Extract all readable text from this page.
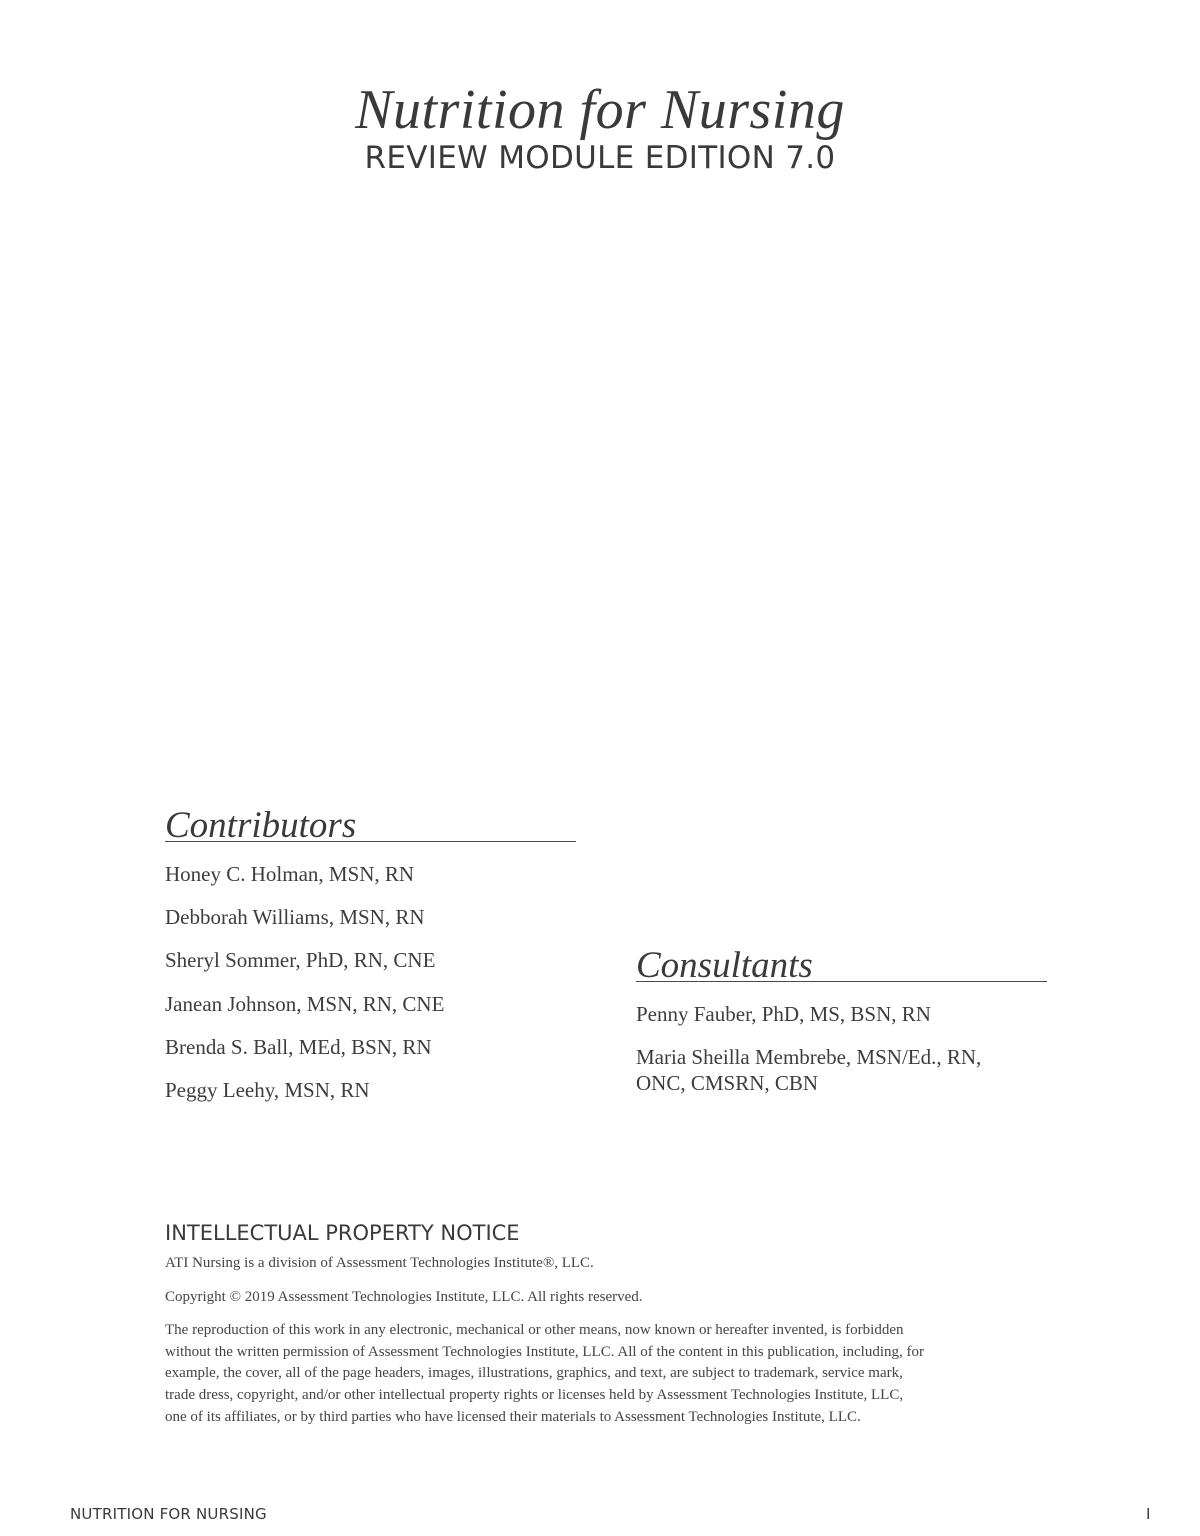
Nutrition for Nursing
REVIEW MODULE EDITION 7.0
Contributors
Honey C. Holman, MSN, RN
Debborah Williams, MSN, RN
Sheryl Sommer, PhD, RN, CNE
Janean Johnson, MSN, RN, CNE
Brenda S. Ball, MEd, BSN, RN
Peggy Leehy, MSN, RN
Consultants
Penny Fauber, PhD, MS, BSN, RN
Maria Sheilla Membrebe, MSN/Ed., RN, ONC, CMSRN, CBN
INTELLECTUAL PROPERTY NOTICE

ATI Nursing is a division of Assessment Technologies Institute®, LLC.

Copyright © 2019 Assessment Technologies Institute, LLC. All rights reserved.

The reproduction of this work in any electronic, mechanical or other means, now known or hereafter invented, is forbidden without the written permission of Assessment Technologies Institute, LLC. All of the content in this publication, including, for example, the cover, all of the page headers, images, illustrations, graphics, and text, are subject to trademark, service mark, trade dress, copyright, and/or other intellectual property rights or licenses held by Assessment Technologies Institute, LLC, one of its affiliates, or by third parties who have licensed their materials to Assessment Technologies Institute, LLC.

NUTRITION FOR NURSING	I
